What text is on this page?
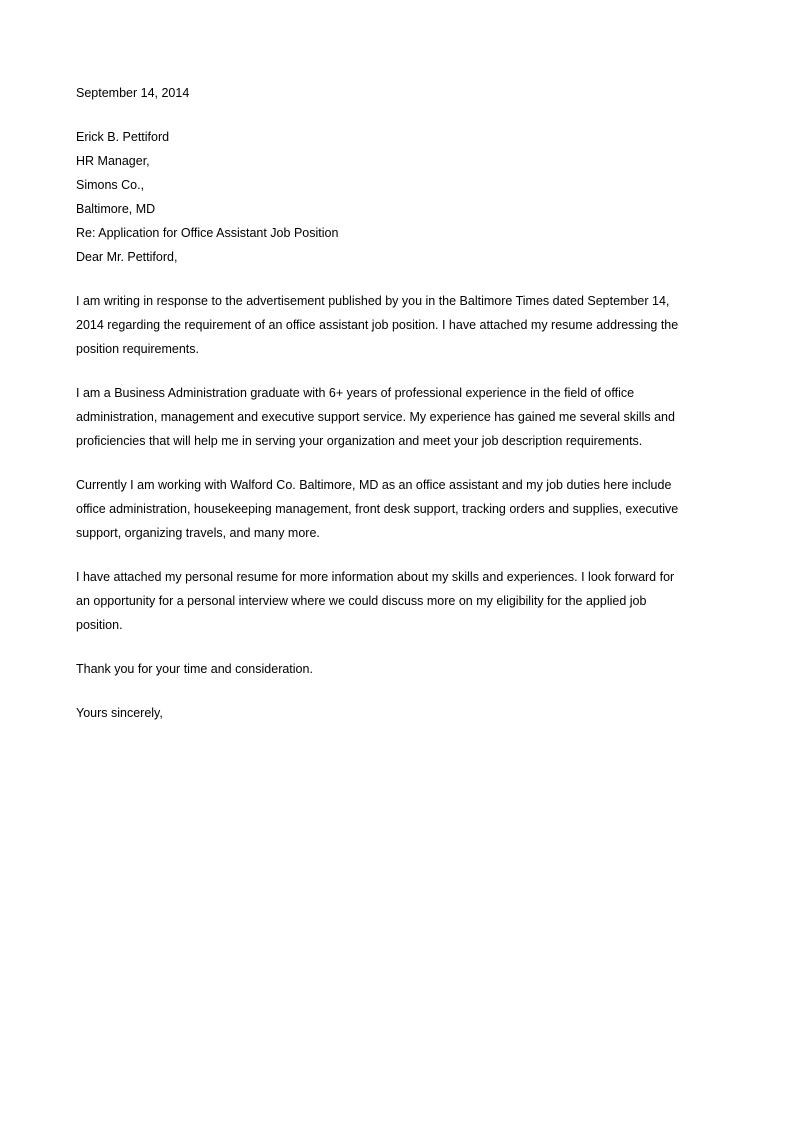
September 14, 2014

Erick B. Pettiford

HR Manager,

Simons Co.,

Baltimore, MD

Re: Application for Office Assistant Job Position

Dear Mr. Pettiford,

I am writing in response to the advertisement published by you in the Baltimore Times dated September 14,

2014 regarding the requirement of an office assistant job position. I have attached my resume addressing the

position requirements.

I am a Business Administration graduate with 6+ years of professional experience in the field of office

administration, management and executive support service. My experience has gained me several skills and

proficiencies that will help me in serving your organization and meet your job description requirements.

Currently I am working with Walford Co. Baltimore, MD as an office assistant and my job duties here include

office administration, housekeeping management, front desk support, tracking orders and supplies, executive

support, organizing travels, and many more.

I have attached my personal resume for more information about my skills and experiences. I look forward for

an opportunity for a personal interview where we could discuss more on my eligibility for the applied job

position.

Thank you for your time and consideration.

Yours sincerely,
